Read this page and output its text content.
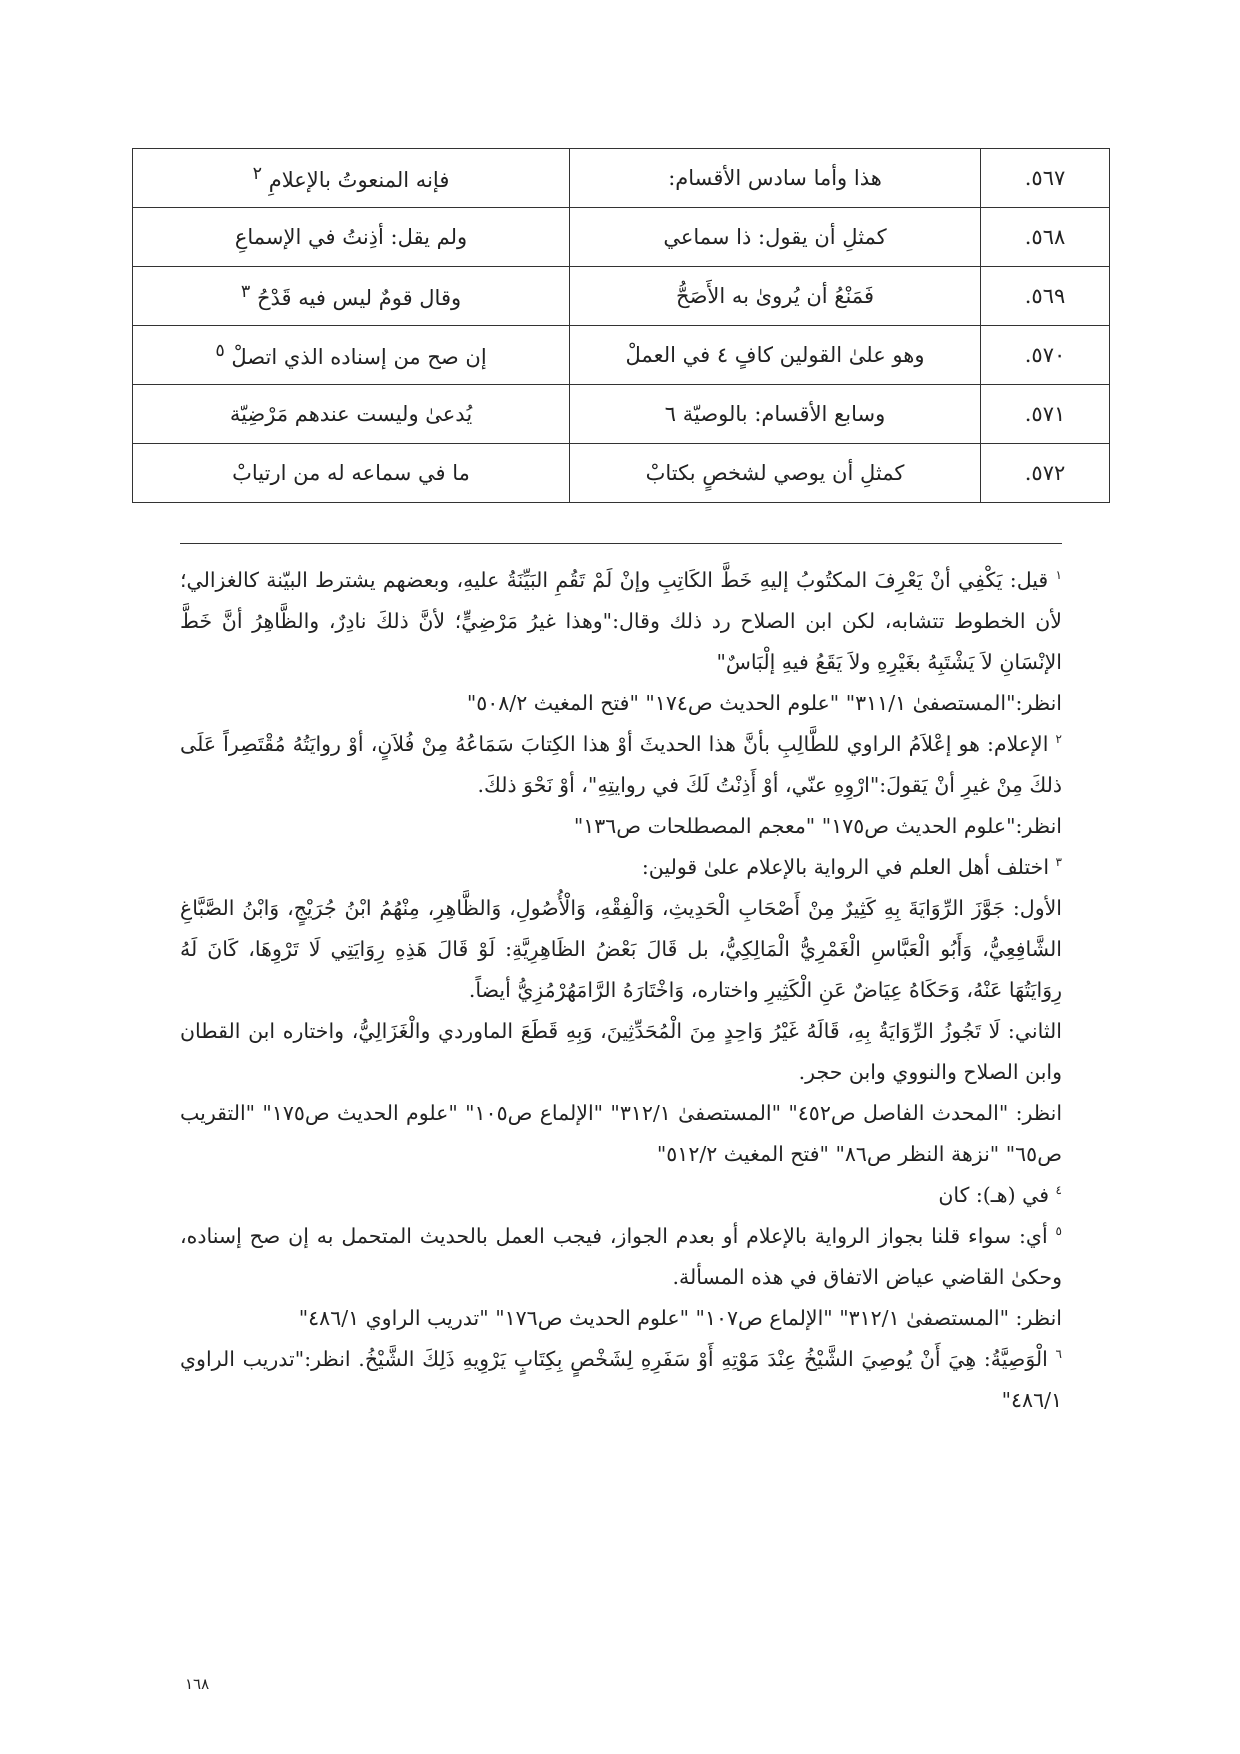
٥٦٧.	هذا وأما سادس الأقسام:	فإنه المنعوتُ بالإعلامِ $^٢$
٥٦٨.	كمثلِ أن يقول: ذا سماعي	ولم يقل: أذِنتُ في الإسماعِ
٥٦٩.	فَمَنْعُ أن يُروىٰ به الأَصَحُّ	وقال قومٌ ليس فيه قَدْحُ $^٣$
٥٧٠.	وهو علىٰ القولين كافٍ ٤ في العملْ	إن صح من إسناده الذي اتصلْ $^٥$
٥٧١.	وسابع الأقسام: بالوصيّة ٦	يُدعىٰ وليست عندهم مَرْضِيّة
٥٧٢.	كمثلِ أن يوصي لشخصٍ بكتابْ	ما في سماعه له من ارتيابْ

$^١$ قيل: يَكْفِي أنْ يَعْرِفَ المكتُوبُ إليهِ خَطَّ الكَاتِبِ وإنْ لَمْ تَقُمِ البَيِّنَةُ عليهِ، وبعضهم يشترط البيّنة كالغزالي؛ لأن الخطوط تتشابه، لكن ابن الصلاح رد ذلك وقال:"وهذا غيرُ مَرْضِيٍّ؛ لأنَّ ذلكَ نادِرٌ، والظَّاهِرُ أنَّ خَطَّ الإنْسَانِ لاَ يَشْتَبِهُ بغَيْرِهِ ولاَ يَقَعُ فيهِ إلْبَاسٌ"

انظر:"المستصفىٰ ٣١١/١" "علوم الحديث ص١٧٤" "فتح المغيث ٥٠٨/٢"

$^٢$ الإعلام: هو إعْلاَمُ الراوي للطَّالِبِ بأنَّ هذا الحديثَ أوْ هذا الكِتابَ سَمَاعُهُ مِنْ فُلاَنٍ، أوْ روايَتُهُ مُقْتَصِراً عَلَى ذلكَ مِنْ غيرِ أنْ يَقولَ:"ارْوِهِ عنّي، أوْ أَذِنْتُ لَكَ في روايتِهِ"، أوْ نَحْوَ ذلكَ.

انظر:"علوم الحديث ص١٧٥" "معجم المصطلحات ص١٣٦"

$^٣$ اختلف أهل العلم في الرواية بالإعلام علىٰ قولين:

الأول: جَوَّزَ الرِّوَايَةَ بِهِ كَثِيرٌ مِنْ أَصْحَابِ الْحَدِيثِ، وَالْفِقْهِ، وَالْأُصُولِ، وَالظَّاهِرِ، مِنْهُمُ ابْنُ جُرَيْجٍ، وَابْنُ الصَّبَّاغِ الشَّافِعِيُّ، وَأَبُو الْعَبَّاسِ الْغَمْرِيُّ الْمَالِكِيُّ، بل قَالَ بَعْضُ الظَاهِرِيَّةِ: لَوْ قَالَ هَذِهِ رِوَايَتِي لَا تَرْوِهَا، كَانَ لَهُ رِوَايَتُهَا عَنْهُ، وَحَكَاهُ عِيَاضٌ عَنِ الْكَثِيرِ واختاره، وَاخْتَارَهُ الرَّامَهُرْمُزِيُّ أيضاً.

الثاني: لَا تَجُوزُ الرِّوَايَةُ بِهِ، قَالَهُ غَيْرُ وَاحِدٍ مِنَ الْمُحَدِّثِينَ، وَبِهِ قَطَعَ الماوردي والْغَزَالِيُّ، واختاره ابن القطان وابن الصلاح والنووي وابن حجر.

انظر: "المحدث الفاصل ص٤٥٢" "المستصفىٰ ٣١٢/١" "الإلماع ص١٠٥" "علوم الحديث ص١٧٥" "التقريب ص٦٥" "نزهة النظر ص٨٦" "فتح المغيث ٥١٢/٢"

$^٤$ في (هـ): كان

$^٥$ أي: سواء قلنا بجواز الرواية بالإعلام أو بعدم الجواز، فيجب العمل بالحديث المتحمل به إن صح إسناده، وحكىٰ القاضي عياض الاتفاق في هذه المسألة.

انظر: "المستصفىٰ ٣١٢/١" "الإلماع ص١٠٧" "علوم الحديث ص١٧٦" "تدريب الراوي ٤٨٦/١"

$^٦$ الْوَصِيَّةُ: هِيَ أَنْ يُوصِيَ الشَّيْخُ عِنْدَ مَوْتِهِ أَوْ سَفَرِهِ لِشَخْصٍ بِكِتَابٍ يَرْوِيهِ ذَلِكَ الشَّيْخُ. انظر:"تدريب الراوي ٤٨٦/١"

١٦٨
